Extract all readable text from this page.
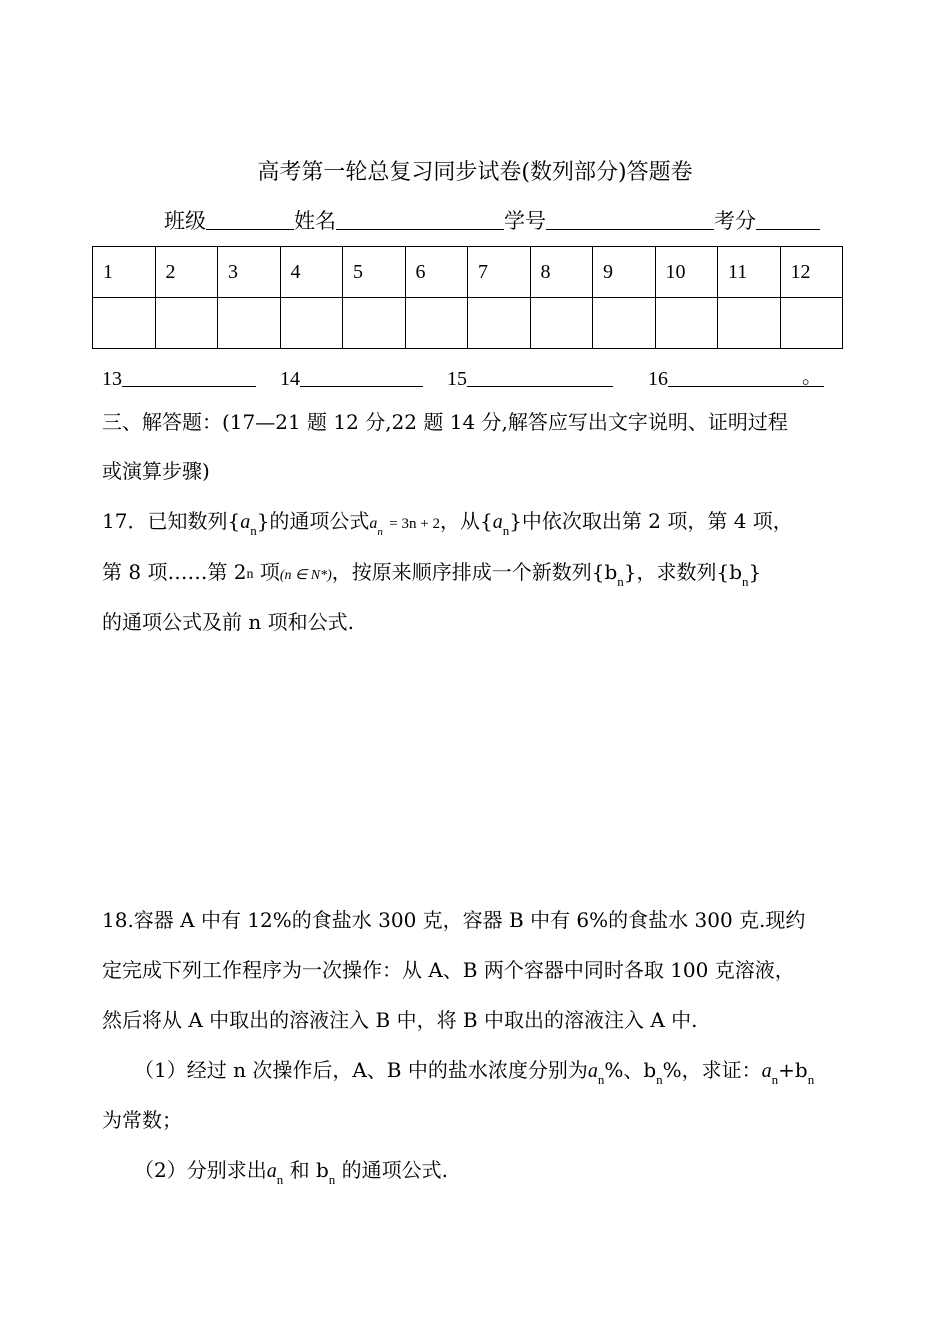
高考第一轮总复习同步试卷(数列部分)答题卷
班级	姓名	学号	考分
1	2	3	4	5	6	7	8	9	10	11	12

13	14	15	16	。
三、解答题：(17—21 题 12 分,22 题 14 分,解答应写出文字说明、证明过程
或演算步骤)
17．已知数列$\{a_n\}$的通项公式$a_n = 3n + 2$，从$\{a_n\}$中依次取出第 2 项，第 4 项，
第 8 项……第 2n 项(n ∈ N*)，按原来顺序排成一个新数列$\{b_n\}$，求数列$\{b_n\}$
的通项公式及前 n 项和公式.
18.容器 A 中有 12%的食盐水 300 克，容器 B 中有 6%的食盐水 300 克.现约
定完成下列工作程序为一次操作：从 A、B 两个容器中同时各取 100 克溶液，
然后将从 A 中取出的溶液注入 B 中，将 B 中取出的溶液注入 A 中.
（1）经过 n 次操作后，A、B 中的盐水浓度分别为$a_n\%$、$b_n\%$，求证：$a_n+b_n$
为常数；
（2）分别求出$a_n$ 和 $b_n$ 的通项公式.
